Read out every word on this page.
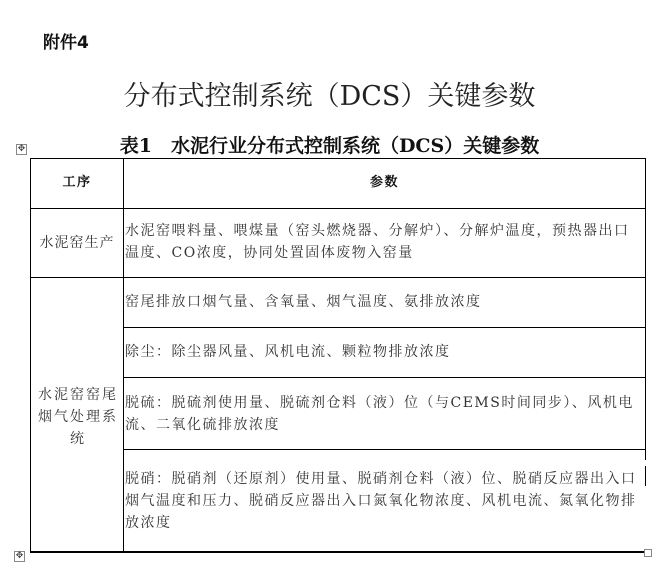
附件4
分布式控制系统（DCS）关键参数
表1　水泥行业分布式控制系统（DCS）关键参数
✥
工序	参数
水泥窑生产
水泥窑喂料量、喂煤量（窑头燃烧器、分解炉）、分解炉温度，预热器出口温度、CO浓度，协同处置固体废物入窑量
水泥窑窑尾烟气处理系统
窑尾排放口烟气量、含氧量、烟气温度、氨排放浓度
除尘：除尘器风量、风机电流、颗粒物排放浓度
脱硫：脱硫剂使用量、脱硫剂仓料（液）位（与CEMS时间同步）、风机电流、二氧化硫排放浓度
脱硝：脱硝剂（还原剂）使用量、脱硝剂仓料（液）位、脱硝反应器出入口烟气温度和压力、脱硝反应器出入口氮氧化物浓度、风机电流、氮氧化物排放浓度
✥
